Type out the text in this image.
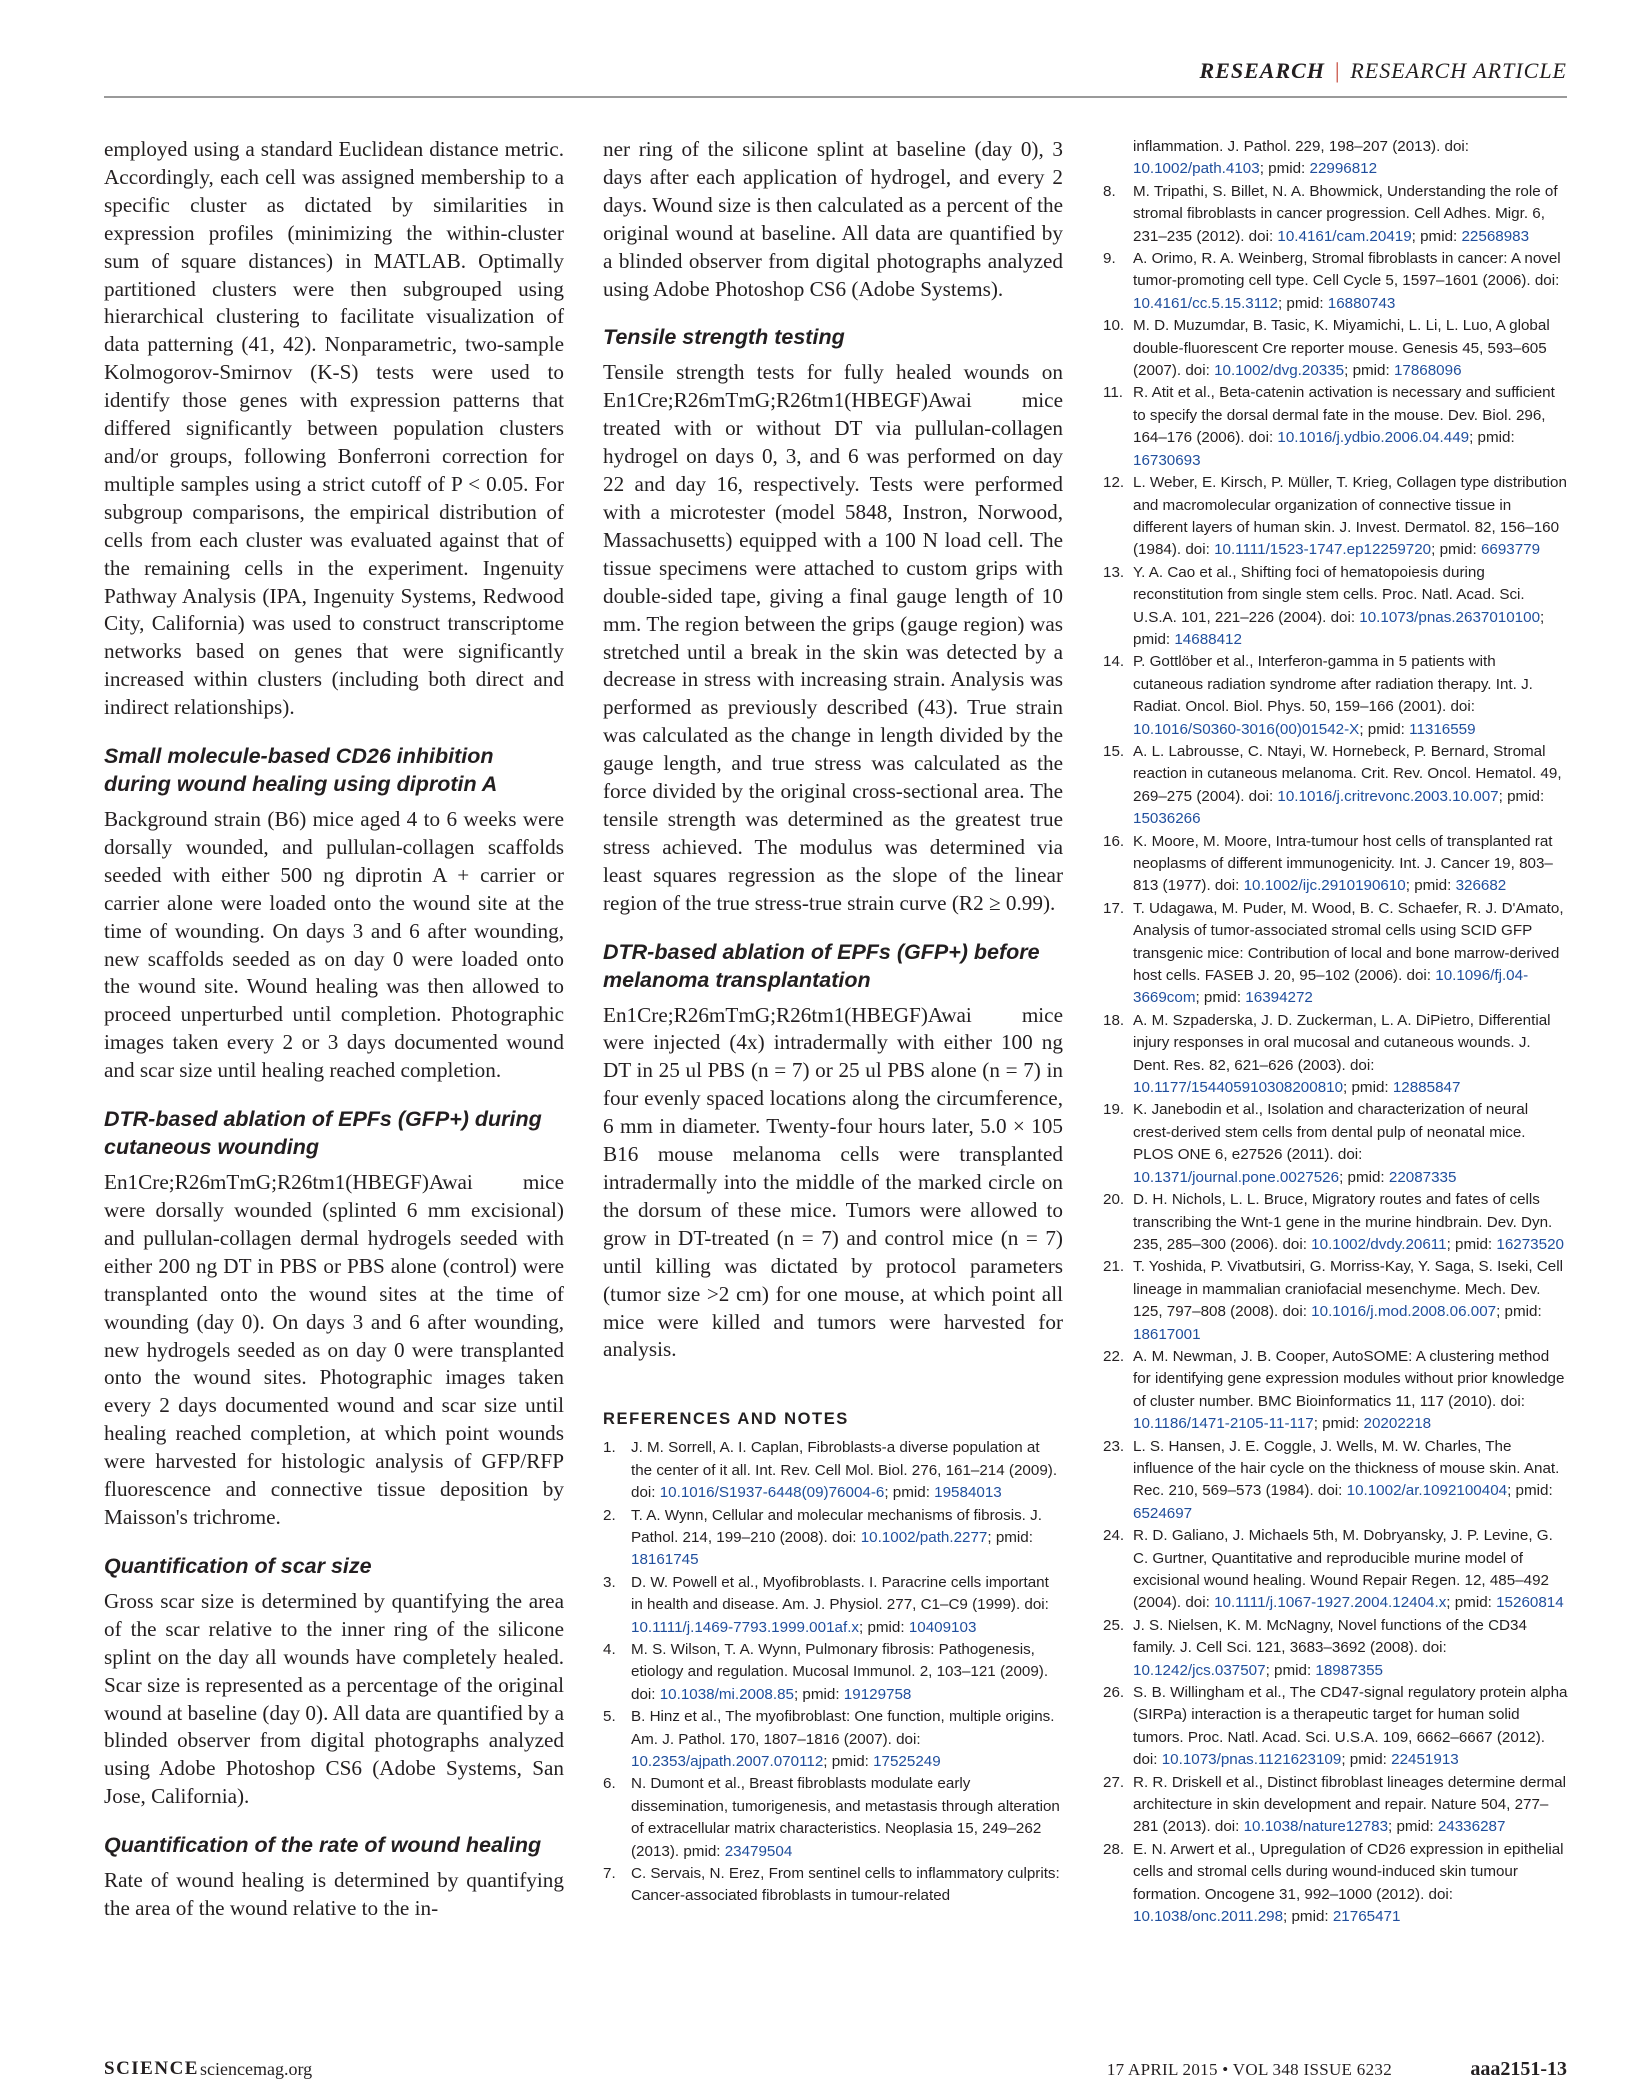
RESEARCH | RESEARCH ARTICLE

employed using a standard Euclidean distance metric. Accordingly, each cell was assigned membership to a specific cluster as dictated by similarities in expression profiles (minimizing the within-cluster sum of square distances) in MATLAB. Optimally partitioned clusters were then subgrouped using hierarchical clustering to facilitate visualization of data patterning (41, 42). Nonparametric, two-sample Kolmogorov-Smirnov (K-S) tests were used to identify those genes with expression patterns that differed significantly between population clusters and/or groups, following Bonferroni correction for multiple samples using a strict cutoff of P < 0.05. For subgroup comparisons, the empirical distribution of cells from each cluster was evaluated against that of the remaining cells in the experiment. Ingenuity Pathway Analysis (IPA, Ingenuity Systems, Redwood City, California) was used to construct transcriptome networks based on genes that were significantly increased within clusters (including both direct and indirect relationships).

Small molecule-based CD26 inhibition during wound healing using diprotin A

Background strain (B6) mice aged 4 to 6 weeks were dorsally wounded, and pullulan-collagen scaffolds seeded with either 500 ng diprotin A + carrier or carrier alone were loaded onto the wound site at the time of wounding. On days 3 and 6 after wounding, new scaffolds seeded as on day 0 were loaded onto the wound site. Wound healing was then allowed to proceed unperturbed until completion. Photographic images taken every 2 or 3 days documented wound and scar size until healing reached completion.

DTR-based ablation of EPFs (GFP+) during cutaneous wounding

En1Cre;R26mTmG;R26tm1(HBEGF)Awai mice were dorsally wounded (splinted 6 mm excisional) and pullulan-collagen dermal hydrogels seeded with either 200 ng DT in PBS or PBS alone (control) were transplanted onto the wound sites at the time of wounding (day 0). On days 3 and 6 after wounding, new hydrogels seeded as on day 0 were transplanted onto the wound sites. Photographic images taken every 2 days documented wound and scar size until healing reached completion, at which point wounds were harvested for histologic analysis of GFP/RFP fluorescence and connective tissue deposition by Maisson's trichrome.

Quantification of scar size

Gross scar size is determined by quantifying the area of the scar relative to the inner ring of the silicone splint on the day all wounds have completely healed. Scar size is represented as a percentage of the original wound at baseline (day 0). All data are quantified by a blinded observer from digital photographs analyzed using Adobe Photoshop CS6 (Adobe Systems, San Jose, California).

Quantification of the rate of wound healing

Rate of wound healing is determined by quantifying the area of the wound relative to the in-

ner ring of the silicone splint at baseline (day 0), 3 days after each application of hydrogel, and every 2 days. Wound size is then calculated as a percent of the original wound at baseline. All data are quantified by a blinded observer from digital photographs analyzed using Adobe Photoshop CS6 (Adobe Systems).

Tensile strength testing

Tensile strength tests for fully healed wounds on En1Cre;R26mTmG;R26tm1(HBEGF)Awai mice treated with or without DT via pullulan-collagen hydrogel on days 0, 3, and 6 was performed on day 22 and day 16, respectively. Tests were performed with a microtester (model 5848, Instron, Norwood, Massachusetts) equipped with a 100 N load cell. The tissue specimens were attached to custom grips with double-sided tape, giving a final gauge length of 10 mm. The region between the grips (gauge region) was stretched until a break in the skin was detected by a decrease in stress with increasing strain. Analysis was performed as previously described (43). True strain was calculated as the change in length divided by the gauge length, and true stress was calculated as the force divided by the original cross-sectional area. The tensile strength was determined as the greatest true stress achieved. The modulus was determined via least squares regression as the slope of the linear region of the true stress-true strain curve (R2 ≥ 0.99).

DTR-based ablation of EPFs (GFP+) before melanoma transplantation

En1Cre;R26mTmG;R26tm1(HBEGF)Awai mice were injected (4x) intradermally with either 100 ng DT in 25 ul PBS (n = 7) or 25 ul PBS alone (n = 7) in four evenly spaced locations along the circumference, 6 mm in diameter. Twenty-four hours later, 5.0 × 105 B16 mouse melanoma cells were transplanted intradermally into the middle of the marked circle on the dorsum of these mice. Tumors were allowed to grow in DT-treated (n = 7) and control mice (n = 7) until killing was dictated by protocol parameters (tumor size >2 cm) for one mouse, at which point all mice were killed and tumors were harvested for analysis.

REFERENCES AND NOTES
1. J. M. Sorrell, A. I. Caplan, Fibroblasts-a diverse population at the center of it all. Int. Rev. Cell Mol. Biol. 276, 161–214 (2009). doi: 10.1016/S1937-6448(09)76004-6; pmid: 19584013
2. T. A. Wynn, Cellular and molecular mechanisms of fibrosis. J. Pathol. 214, 199–210 (2008). doi: 10.1002/path.2277; pmid: 18161745
3. D. W. Powell et al., Myofibroblasts. I. Paracrine cells important in health and disease. Am. J. Physiol. 277, C1–C9 (1999). doi: 10.1111/j.1469-7793.1999.001af.x; pmid: 10409103
4. M. S. Wilson, T. A. Wynn, Pulmonary fibrosis: Pathogenesis, etiology and regulation. Mucosal Immunol. 2, 103–121 (2009). doi: 10.1038/mi.2008.85; pmid: 19129758
5. B. Hinz et al., The myofibroblast: One function, multiple origins. Am. J. Pathol. 170, 1807–1816 (2007). doi: 10.2353/ajpath.2007.070112; pmid: 17525249
6. N. Dumont et al., Breast fibroblasts modulate early dissemination, tumorigenesis, and metastasis through alteration of extracellular matrix characteristics. Neoplasia 15, 249–262 (2013). pmid: 23479504
7. C. Servais, N. Erez, From sentinel cells to inflammatory culprits: Cancer-associated fibroblasts in tumour-related
inflammation. J. Pathol. 229, 198–207 (2013). doi: 10.1002/path.4103; pmid: 22996812
8. M. Tripathi, S. Billet, N. A. Bhowmick, Understanding the role of stromal fibroblasts in cancer progression. Cell Adhes. Migr. 6, 231–235 (2012). doi: 10.4161/cam.20419; pmid: 22568983
9. A. Orimo, R. A. Weinberg, Stromal fibroblasts in cancer: A novel tumor-promoting cell type. Cell Cycle 5, 1597–1601 (2006). doi: 10.4161/cc.5.15.3112; pmid: 16880743
10. M. D. Muzumdar, B. Tasic, K. Miyamichi, L. Li, L. Luo, A global double-fluorescent Cre reporter mouse. Genesis 45, 593–605 (2007). doi: 10.1002/dvg.20335; pmid: 17868096
11. R. Atit et al., Beta-catenin activation is necessary and sufficient to specify the dorsal dermal fate in the mouse. Dev. Biol. 296, 164–176 (2006). doi: 10.1016/j.ydbio.2006.04.449; pmid: 16730693
12. L. Weber, E. Kirsch, P. Müller, T. Krieg, Collagen type distribution and macromolecular organization of connective tissue in different layers of human skin. J. Invest. Dermatol. 82, 156–160 (1984). doi: 10.1111/1523-1747.ep12259720; pmid: 6693779
13. Y. A. Cao et al., Shifting foci of hematopoiesis during reconstitution from single stem cells. Proc. Natl. Acad. Sci. U.S.A. 101, 221–226 (2004). doi: 10.1073/pnas.2637010100; pmid: 14688412
14. P. Gottlöber et al., Interferon-gamma in 5 patients with cutaneous radiation syndrome after radiation therapy. Int. J. Radiat. Oncol. Biol. Phys. 50, 159–166 (2001). doi: 10.1016/S0360-3016(00)01542-X; pmid: 11316559
15. A. L. Labrousse, C. Ntayi, W. Hornebeck, P. Bernard, Stromal reaction in cutaneous melanoma. Crit. Rev. Oncol. Hematol. 49, 269–275 (2004). doi: 10.1016/j.critrevonc.2003.10.007; pmid: 15036266
16. K. Moore, M. Moore, Intra-tumour host cells of transplanted rat neoplasms of different immunogenicity. Int. J. Cancer 19, 803–813 (1977). doi: 10.1002/ijc.2910190610; pmid: 326682
17. T. Udagawa, M. Puder, M. Wood, B. C. Schaefer, R. J. D'Amato, Analysis of tumor-associated stromal cells using SCID GFP transgenic mice: Contribution of local and bone marrow-derived host cells. FASEB J. 20, 95–102 (2006). doi: 10.1096/fj.04-3669com; pmid: 16394272
18. A. M. Szpaderska, J. D. Zuckerman, L. A. DiPietro, Differential injury responses in oral mucosal and cutaneous wounds. J. Dent. Res. 82, 621–626 (2003). doi: 10.1177/154405910308200810; pmid: 12885847
19. K. Janebodin et al., Isolation and characterization of neural crest-derived stem cells from dental pulp of neonatal mice. PLOS ONE 6, e27526 (2011). doi: 10.1371/journal.pone.0027526; pmid: 22087335
20. D. H. Nichols, L. L. Bruce, Migratory routes and fates of cells transcribing the Wnt-1 gene in the murine hindbrain. Dev. Dyn. 235, 285–300 (2006). doi: 10.1002/dvdy.20611; pmid: 16273520
21. T. Yoshida, P. Vivatbutsiri, G. Morriss-Kay, Y. Saga, S. Iseki, Cell lineage in mammalian craniofacial mesenchyme. Mech. Dev. 125, 797–808 (2008). doi: 10.1016/j.mod.2008.06.007; pmid: 18617001
22. A. M. Newman, J. B. Cooper, AutoSOME: A clustering method for identifying gene expression modules without prior knowledge of cluster number. BMC Bioinformatics 11, 117 (2010). doi: 10.1186/1471-2105-11-117; pmid: 20202218
23. L. S. Hansen, J. E. Coggle, J. Wells, M. W. Charles, The influence of the hair cycle on the thickness of mouse skin. Anat. Rec. 210, 569–573 (1984). doi: 10.1002/ar.1092100404; pmid: 6524697
24. R. D. Galiano, J. Michaels 5th, M. Dobryansky, J. P. Levine, G. C. Gurtner, Quantitative and reproducible murine model of excisional wound healing. Wound Repair Regen. 12, 485–492 (2004). doi: 10.1111/j.1067-1927.2004.12404.x; pmid: 15260814
25. J. S. Nielsen, K. M. McNagny, Novel functions of the CD34 family. J. Cell Sci. 121, 3683–3692 (2008). doi: 10.1242/jcs.037507; pmid: 18987355
26. S. B. Willingham et al., The CD47-signal regulatory protein alpha (SIRPa) interaction is a therapeutic target for human solid tumors. Proc. Natl. Acad. Sci. U.S.A. 109, 6662–6667 (2012). doi: 10.1073/pnas.1121623109; pmid: 22451913
27. R. R. Driskell et al., Distinct fibroblast lineages determine dermal architecture in skin development and repair. Nature 504, 277–281 (2013). doi: 10.1038/nature12783; pmid: 24336287
28. E. N. Arwert et al., Upregulation of CD26 expression in epithelial cells and stromal cells during wound-induced skin tumour formation. Oncogene 31, 992–1000 (2012). doi: 10.1038/onc.2011.298; pmid: 21765471
SCIENCE sciencemag.org	17 APRIL 2015 • VOL 348 ISSUE 6232	aaa2151-13
